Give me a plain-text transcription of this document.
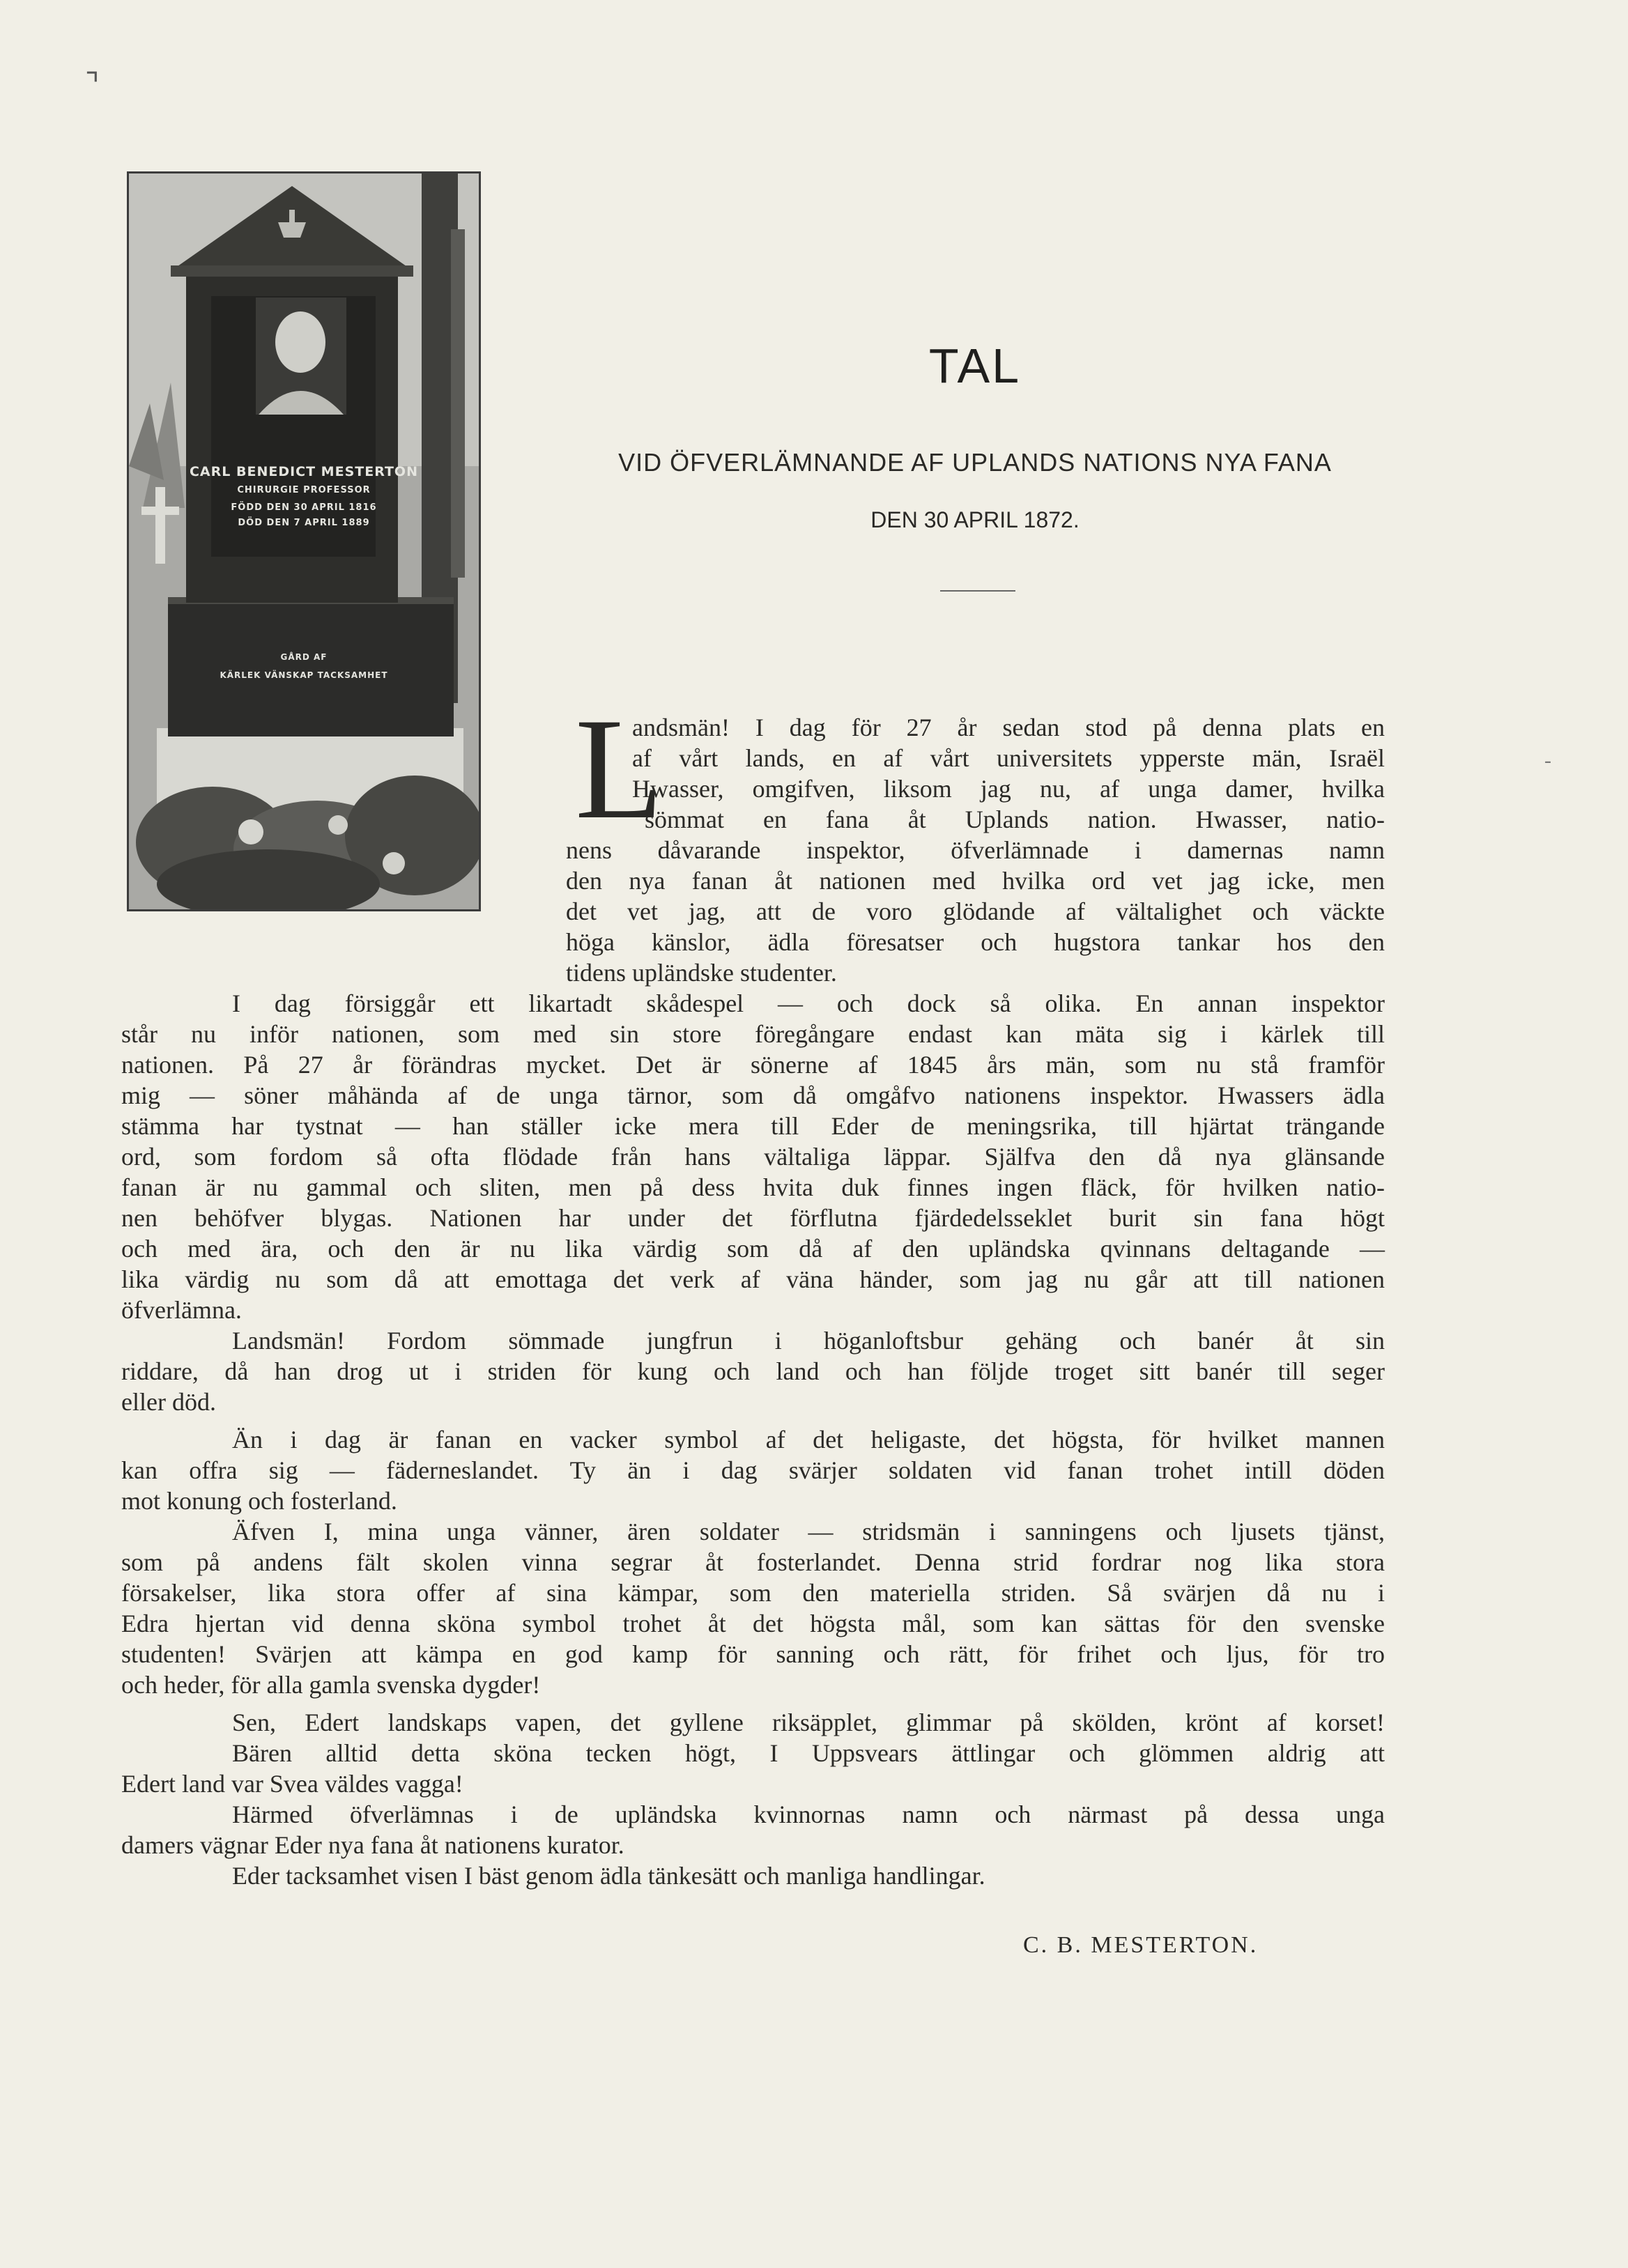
⌝
-
CARL BENEDICT MESTERTON
CHIRURGIE PROFESSOR
FÖDD DEN 30 APRIL 1816
DÖD DEN 7 APRIL 1889
GÅRD AF
KÄRLEK VÄNSKAP TACKSAMHET
TAL
VID ÖFVERLÄMNANDE AF UPLANDS NATIONS NYA FANA
DEN 30 APRIL 1872.
L
andsmän! I dag för 27 år sedan stod på denna plats en
af vårt lands, en af vårt universitets ypperste män, Israël
Hwasser, omgifven, liksom jag nu, af unga damer, hvilka
sömmat en fana åt Uplands nation. Hwasser, natio-
nens dåvarande inspektor, öfverlämnade i damernas namn
den nya fanan åt nationen med hvilka ord vet jag icke, men
det vet jag, att de voro glödande af vältalighet och väckte
höga känslor, ädla föresatser och hugstora tankar hos den
tidens upländske studenter.
I dag försiggår ett likartadt skådespel — och dock så olika. En annan inspektor
står nu inför nationen, som med sin store föregångare endast kan mäta sig i kärlek till
nationen. På 27 år förändras mycket. Det är sönerne af 1845 års män, som nu stå framför
mig — söner måhända af de unga tärnor, som då omgåfvo nationens inspektor. Hwassers ädla
stämma har tystnat — han ställer icke mera till Eder de meningsrika, till hjärtat trängande
ord, som fordom så ofta flödade från hans vältaliga läppar. Själfva den då nya glänsande
fanan är nu gammal och sliten, men på dess hvita duk finnes ingen fläck, för hvilken natio-
nen behöfver blygas. Nationen har under det förflutna fjärdedelsseklet burit sin fana högt
och med ära, och den är nu lika värdig som då af den upländska qvinnans deltagande —
lika värdig nu som då att emottaga det verk af väna händer, som jag nu går att till nationen
öfverlämna.
Landsmän! Fordom sömmade jungfrun i höganloftsbur gehäng och banér åt sin
riddare, då han drog ut i striden för kung och land och han följde troget sitt banér till seger
eller död.
Än i dag är fanan en vacker symbol af det heligaste, det högsta, för hvilket mannen
kan offra sig — fäderneslandet. Ty än i dag svärjer soldaten vid fanan trohet intill döden
mot konung och fosterland.
Äfven I, mina unga vänner, ären soldater — stridsmän i sanningens och ljusets tjänst,
som på andens fält skolen vinna segrar åt fosterlandet. Denna strid fordrar nog lika stora
försakelser, lika stora offer af sina kämpar, som den materiella striden. Så svärjen då nu i
Edra hjertan vid denna sköna symbol trohet åt det högsta mål, som kan sättas för den svenske
studenten! Svärjen att kämpa en god kamp för sanning och rätt, för frihet och ljus, för tro
och heder, för alla gamla svenska dygder!
Sen, Edert landskaps vapen, det gyllene riksäpplet, glimmar på skölden, krönt af korset!
Bären alltid detta sköna tecken högt, I Uppsvears ättlingar och glömmen aldrig att
Edert land var Svea väldes vagga!
Härmed öfverlämnas i de upländska kvinnornas namn och närmast på dessa unga
damers vägnar Eder nya fana åt nationens kurator.
Eder tacksamhet visen I bäst genom ädla tänkesätt och manliga handlingar.
C. B. MESTERTON.
